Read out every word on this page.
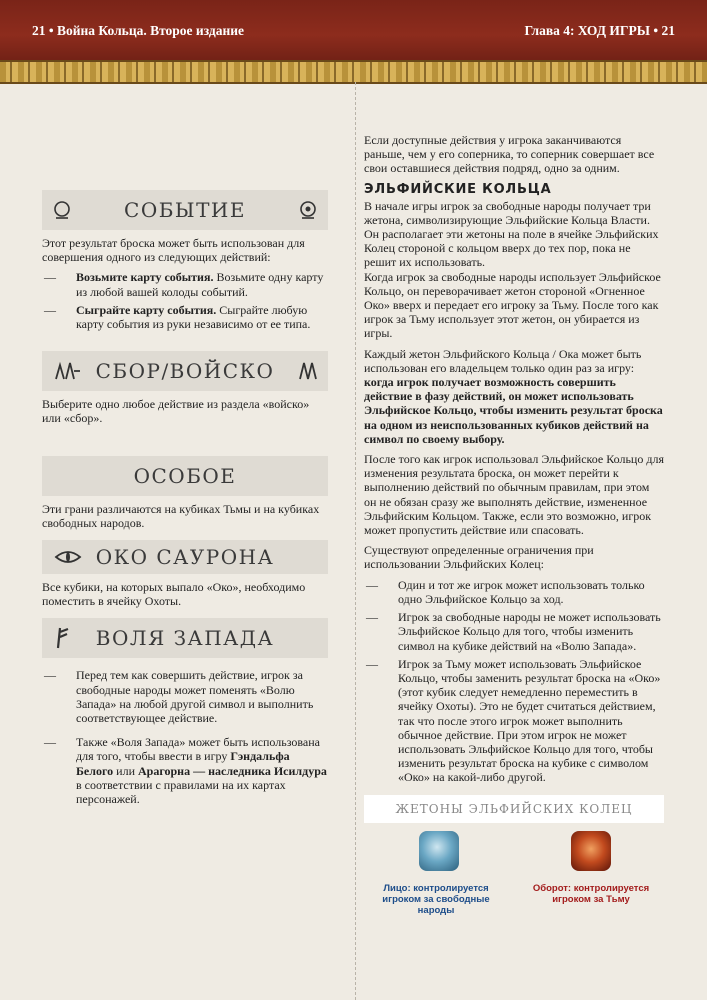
21 • Война Кольца. Второе издание	Глава 4: ХОД ИГРЫ • 21
СОБЫТИЕ

Этот результат броска может быть использован для совершения одного из следующих действий:

— Возьмите карту события. Возьмите одну карту из любой вашей колоды событий.
— Сыграйте карту события. Сыграйте любую карту события из руки независимо от ее типа.
СБОР/ВОЙСКО

Выберите одно любое действие из раздела «войско» или «сбор».

ОСОБОЕ

Эти грани различаются на кубиках Тьмы и на кубиках свободных народов.

ОКО САУРОНА

Все кубики, на которых выпало «Око», необходимо поместить в ячейку Охоты.

ВОЛЯ ЗАПАДА
— Перед тем как совершить действие, игрок за свободные народы может поменять «Волю Запада» на любой другой символ и выполнить соответствующее действие.
— Также «Воля Запада» может быть использована для того, чтобы ввести в игру Гэндальфа Белого или Арагорна — наследника Исилдура в соответствии с правилами на их картах персонажей.

Если доступные действия у игрока заканчиваются раньше, чем у его соперника, то соперник совершает все свои оставшиеся действия подряд, одно за одним.

ЭЛЬФИЙСКИЕ КОЛЬЦА

В начале игры игрок за свободные народы получает три жетона, символизирующие Эльфийские Кольца Власти. Он располагает эти жетоны на поле в ячейке Эльфийских Колец стороной с кольцом вверх до тех пор, пока не решит их использовать.

Когда игрок за свободные народы использует Эльфийское Кольцо, он переворачивает жетон стороной «Огненное Око» вверх и передает его игроку за Тьму. После того как игрок за Тьму использует этот жетон, он убирается из игры.

Каждый жетон Эльфийского Кольца / Ока может быть использован его владельцем только один раз за игру: когда игрок получает возможность совершить действие в фазу действий, он может использовать Эльфийское Кольцо, чтобы изменить результат броска на одном из неиспользованных кубиков действий на символ по своему выбору.

После того как игрок использовал Эльфийское Кольцо для изменения результата броска, он может перейти к выполнению действий по обычным правилам, при этом он не обязан сразу же выполнять действие, измененное Эльфийским Кольцом. Также, если это возможно, игрок может пропустить действие или спасовать.

Существуют определенные ограничения при использовании Эльфийских Колец:

— Один и тот же игрок может использовать только одно Эльфийское Кольцо за ход.
— Игрок за свободные народы не может использовать Эльфийское Кольцо для того, чтобы изменить символ на кубике действий на «Волю Запада».
— Игрок за Тьму может использовать Эльфийское Кольцо, чтобы заменить результат броска на «Око» (этот кубик следует немедленно переместить в ячейку Охоты). Это не будет считаться действием, так что после этого игрок может выполнить обычное действие. При этом игрок не может использовать Эльфийское Кольцо для того, чтобы изменить результат броска на кубике с символом «Око» на какой-либо другой.
ЖЕТОНЫ ЭЛЬФИЙСКИХ КОЛЕЦ
Лицо: контролируется игроком за свободные народы
Оборот: контролируется игроком за Тьму
